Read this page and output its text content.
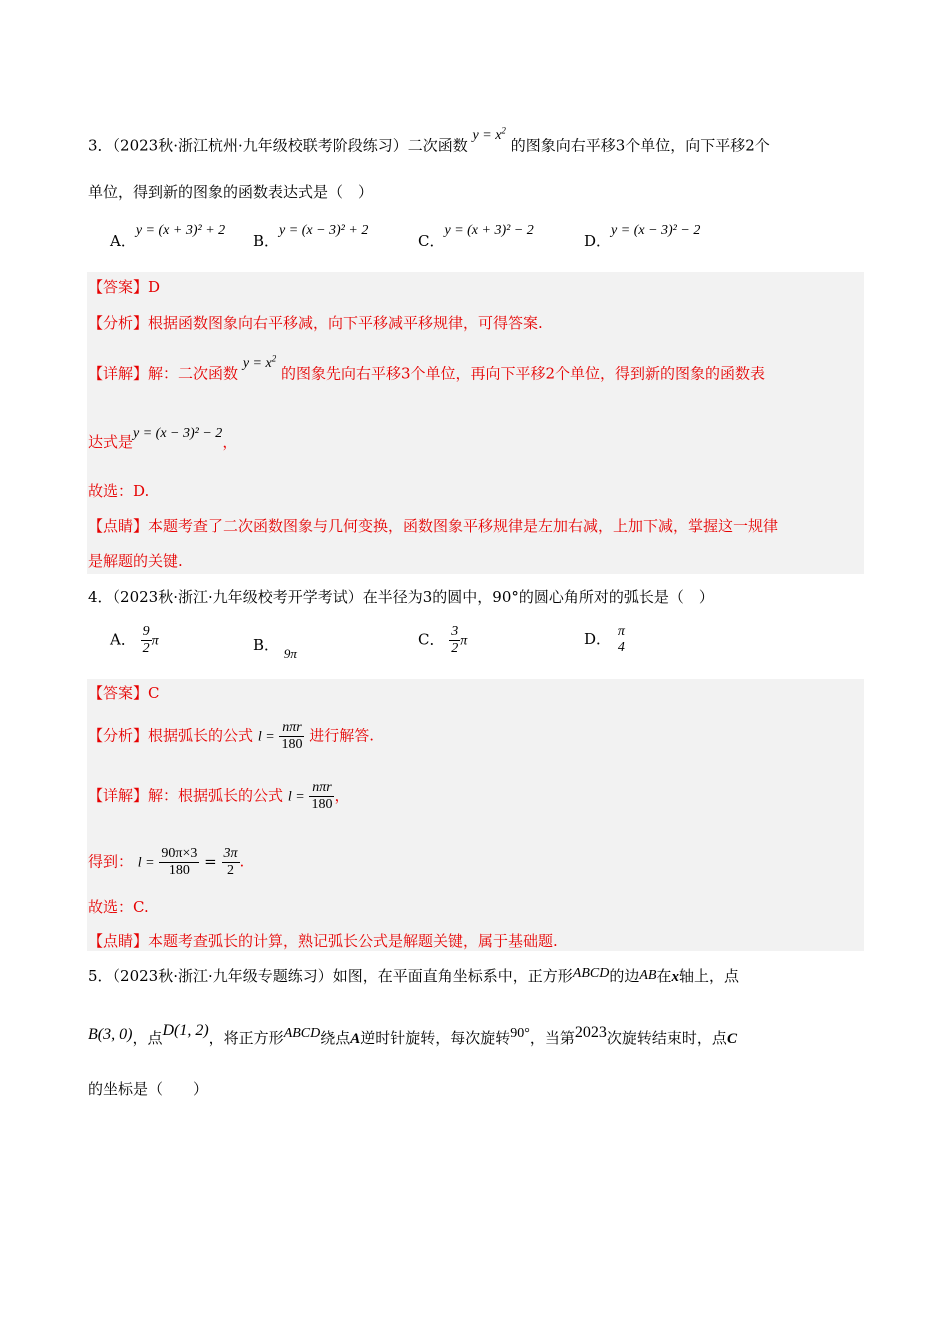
3．（2023秋·浙江杭州·九年级校联考阶段练习）二次函数 $y = x^2$ 的图象向右平移3个单位，向下平移2个
单位，得到新的图象的函数表达式是（　）
A．y = (x + 3)² + 2
B．y = (x − 3)² + 2
C．y = (x + 3)² − 2
D．y = (x − 3)² − 2
【答案】D
【分析】根据函数图象向右平移减，向下平移减平移规律，可得答案.
【详解】解：二次函数 $y = x^2$ 的图象先向右平移3个单位，再向下平移2个单位，得到新的图象的函数表
达式是y = (x − 3)² − 2，
故选：D.
【点睛】本题考查了二次函数图象与几何变换，函数图象平移规律是左加右减，上加下减，掌握这一规律
是解题的关键.
4．（2023秋·浙江·九年级校考开学考试）在半径为3的圆中，90°的圆心角所对的弧长是（　）
A． $\frac{9}{2}$ π	B． 9π
C． $\frac{3}{2}$ π	D． π
4
【答案】C
【分析】根据弧长的公式 $l = \frac{\text{nπr}}{180}$ 进行解答.
【详解】解：根据弧长的公式 $l = \frac{\text{nπr}}{180}$ ，
得到： $l = \frac{90\pi\times 3}{180} = \frac{3\pi}{2}$ .
故选：C.
【点睛】本题考查弧长的计算，熟记弧长公式是解题关键，属于基础题.
5．（2023秋·浙江·九年级专题练习）如图，在平面直角坐标系中，正方形ABCD的边AB在x轴上，点
B(3, 0)，点D(1, 2)，将正方形ABCD绕点A逆时针旋转，每次旋转90°，当第2023次旋转结束时，点C
的坐标是（　　）
